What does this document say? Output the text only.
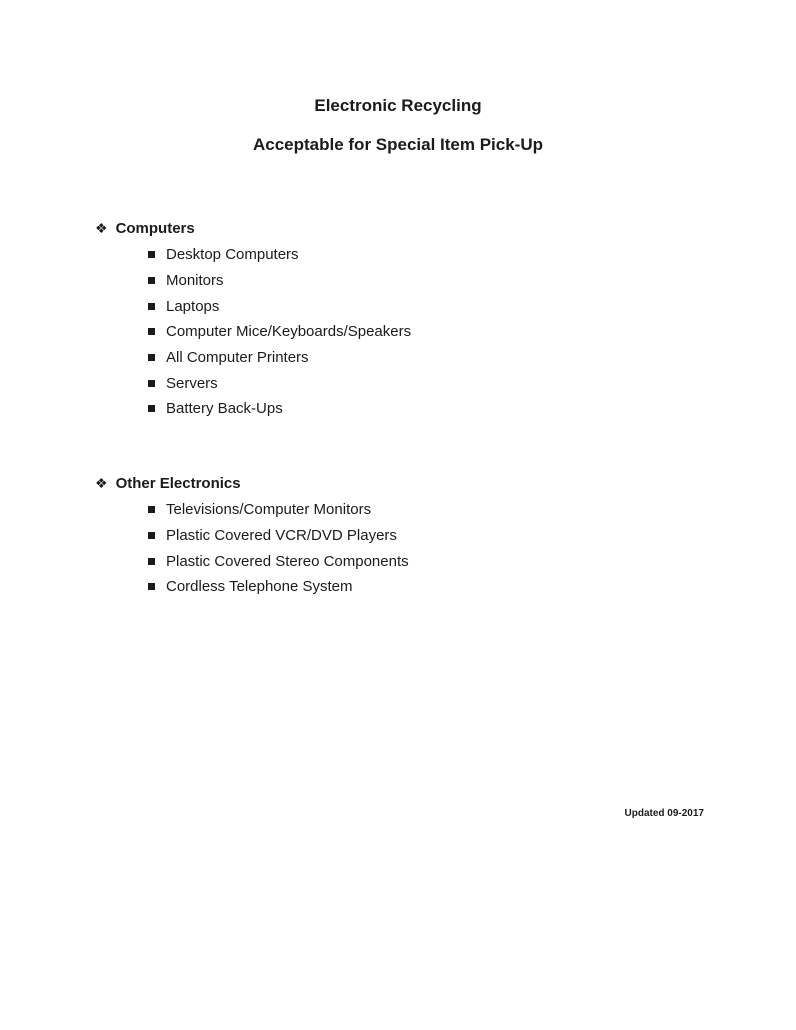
Electronic Recycling
Acceptable for Special Item Pick-Up
❖ Computers
Desktop Computers
Monitors
Laptops
Computer Mice/Keyboards/Speakers
All Computer Printers
Servers
Battery Back-Ups
❖ Other Electronics
Televisions/Computer Monitors
Plastic Covered VCR/DVD Players
Plastic Covered Stereo Components
Cordless Telephone System
Updated 09-2017
